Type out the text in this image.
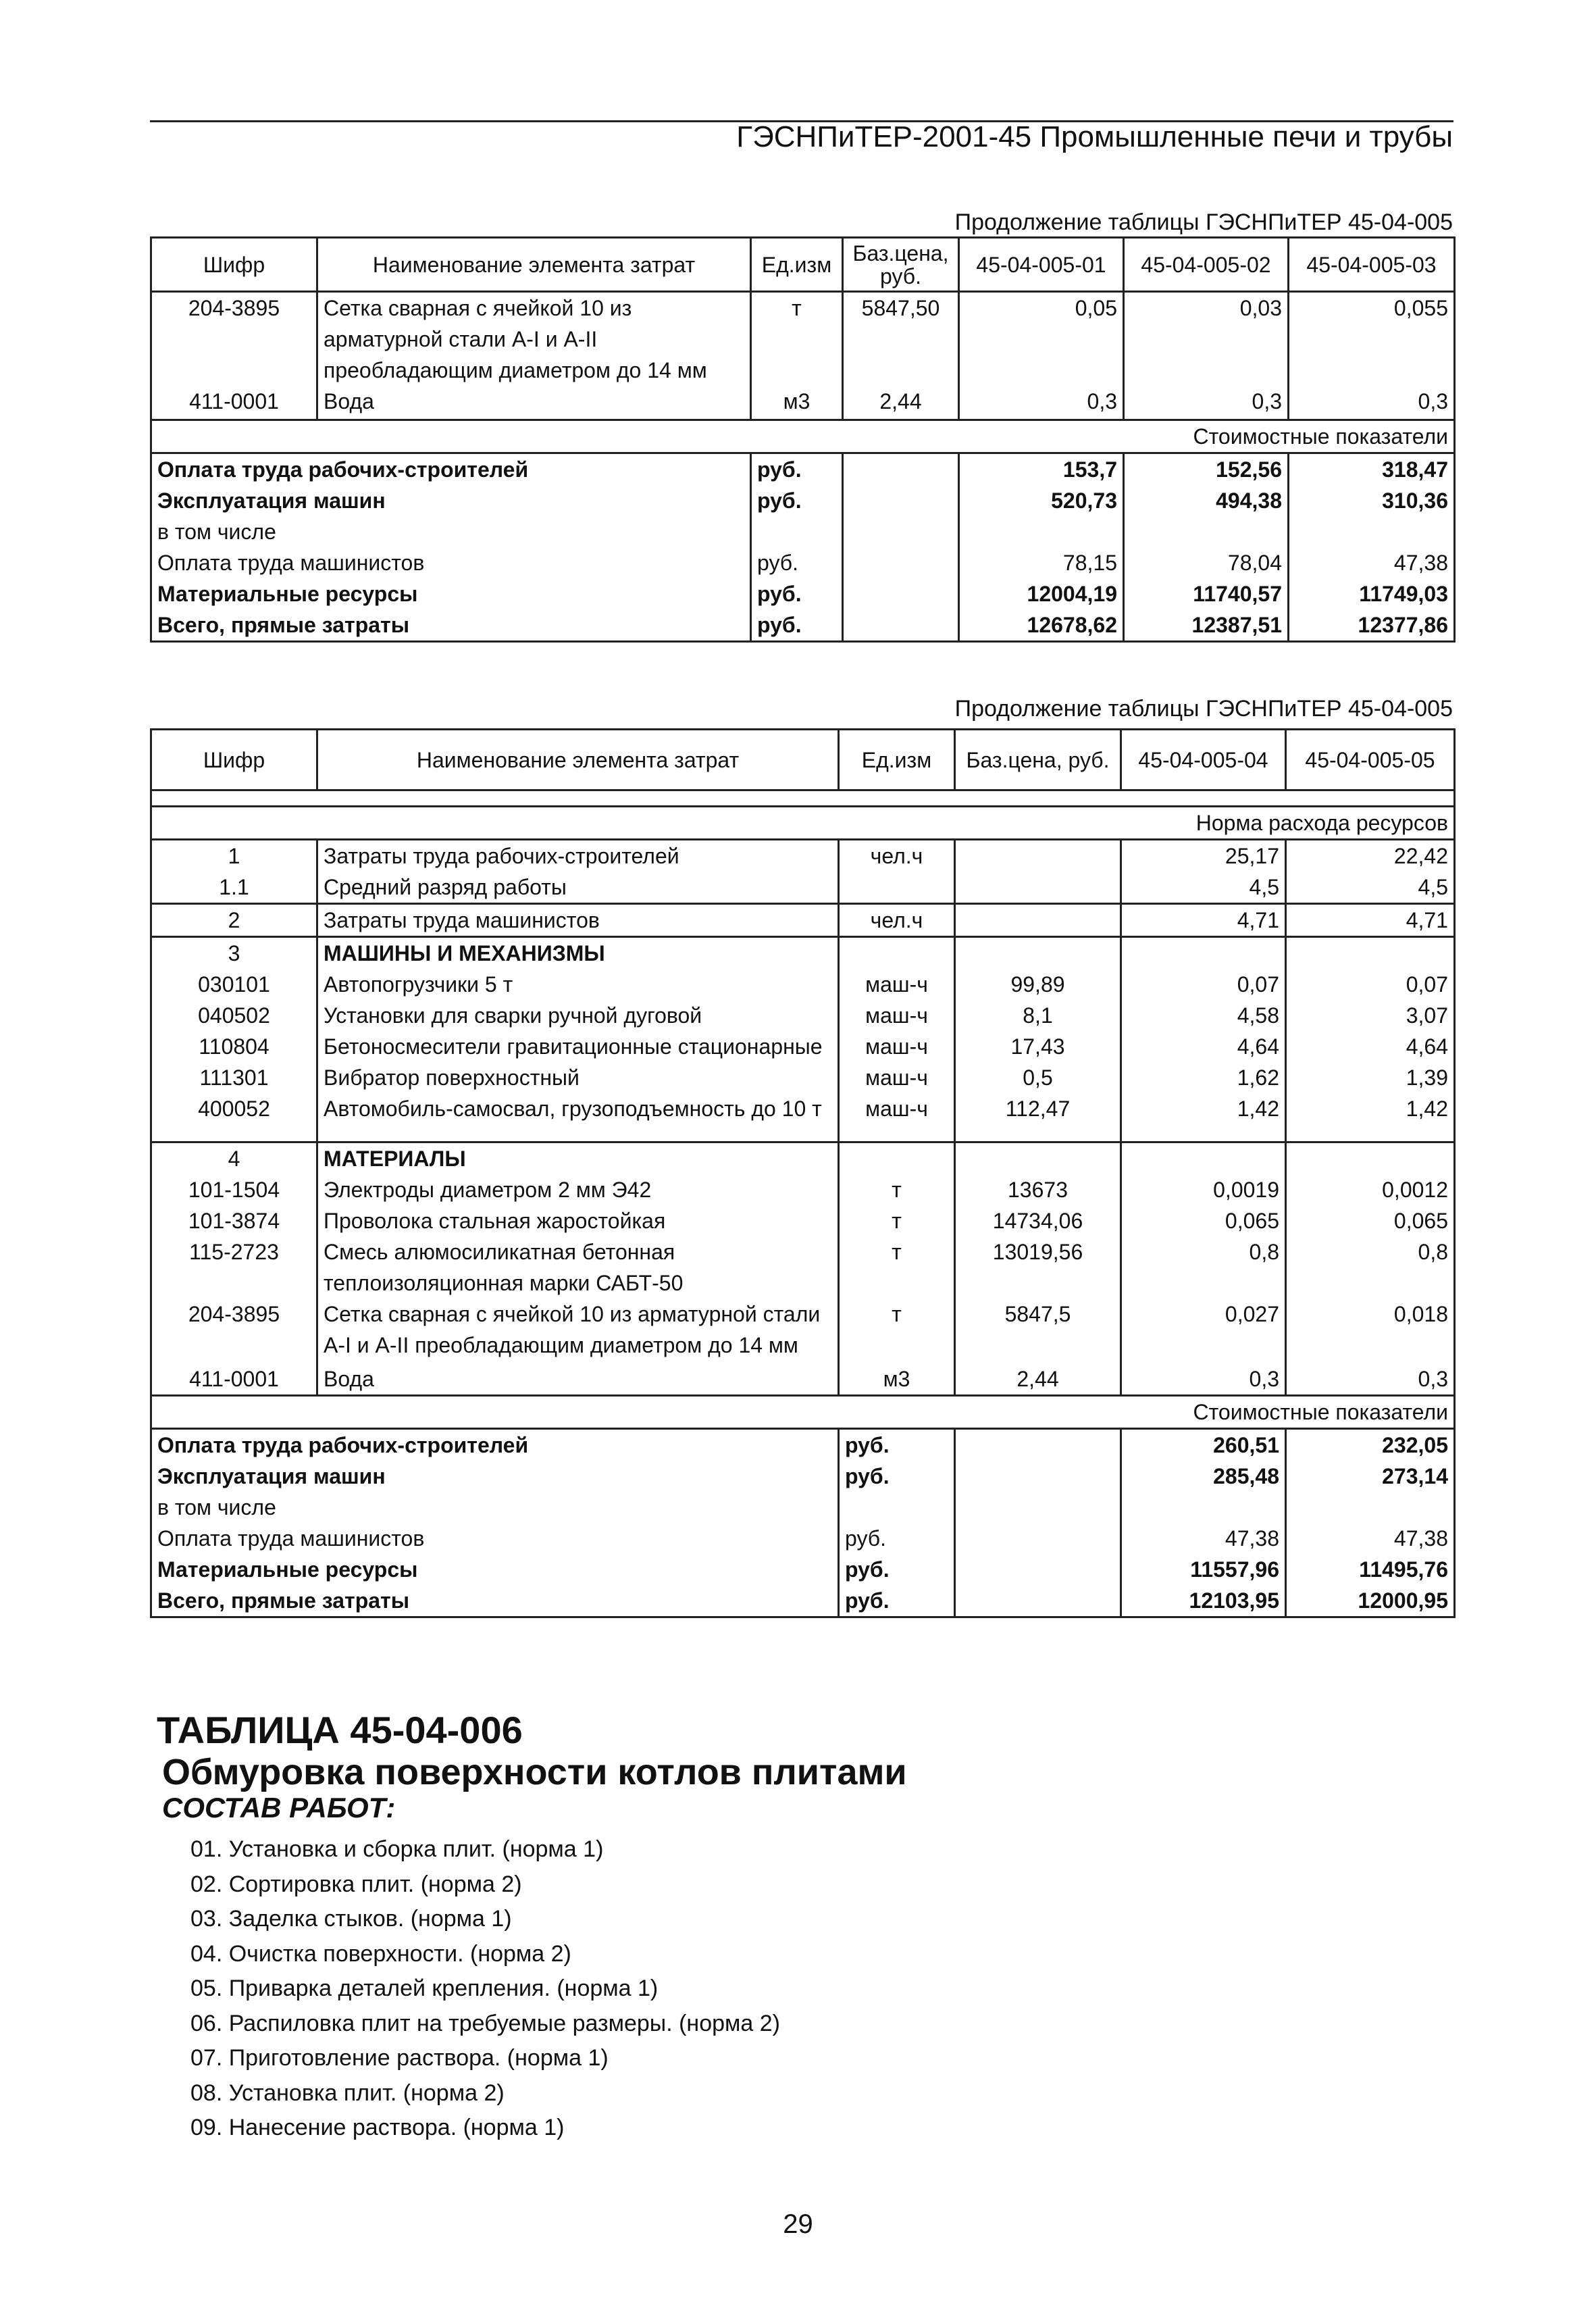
ГЭСНПиТЕР-2001-45 Промышленные печи и трубы
Продолжение таблицы ГЭСНПиТЕР 45-04-005
Шифр	Наименование элемента затрат	Ед.изм	Баз.цена, руб.	45-04-005-01	45-04-005-02	45-04-005-03
204-3895	Сетка сварная с ячейкой 10 из арматурной стали А-I и А-II преобладающим диаметром до 14 мм	т	5847,50	0,05	0,03	0,055
411-0001	Вода	м3	2,44	0,3	0,3	0,3
Стоимостные показатели						
Оплата труда рабочих-строителей		руб.		153,7	152,56	318,47
Эксплуатация машин		руб.		520,73	494,38	310,36
в том числе						
Оплата труда машинистов		руб.		78,15	78,04	47,38
Материальные ресурсы		руб.		12004,19	11740,57	11749,03
Всего, прямые затраты		руб.		12678,62	12387,51	12377,86
Продолжение таблицы ГЭСНПиТЕР 45-04-005
Шифр	Наименование элемента затрат	Ед.изм	Баз.цена, руб.	45-04-005-04	45-04-005-05

Норма расхода ресурсов					
1	Затраты труда рабочих-строителей	чел.ч		25,17	22,42
1.1	Средний разряд работы			4,5	4,5
2	Затраты труда машинистов	чел.ч		4,71	4,71
3	МАШИНЫ И МЕХАНИЗМЫ				
030101	Автопогрузчики 5 т	маш-ч	99,89	0,07	0,07
040502	Установки для сварки ручной дуговой	маш-ч	8,1	4,58	3,07
110804	Бетоносмесители гравитационные стационарные	маш-ч	17,43	4,64	4,64
111301	Вибратор поверхностный	маш-ч	0,5	1,62	1,39
400052	Автомобиль-самосвал, грузоподъемность до 10 т	маш-ч	112,47	1,42	1,42
4	МАТЕРИАЛЫ				
101-1504	Электроды диаметром 2 мм Э42	т	13673	0,0019	0,0012
101-3874	Проволока стальная жаростойкая	т	14734,06	0,065	0,065
115-2723	Смесь алюмосиликатная бетонная теплоизоляционная марки САБТ-50	т	13019,56	0,8	0,8
204-3895	Сетка сварная с ячейкой 10 из арматурной стали А-I и А-II преобладающим диаметром до 14 мм	т	5847,5	0,027	0,018
411-0001	Вода	м3	2,44	0,3	0,3
Стоимостные показатели					
Оплата труда рабочих-строителей		руб.		260,51	232,05
Эксплуатация машин		руб.		285,48	273,14
в том числе					
Оплата труда машинистов		руб.		47,38	47,38
Материальные ресурсы		руб.		11557,96	11495,76
Всего, прямые затраты		руб.		12103,95	12000,95
ТАБЛИЦА 45-04-006
Обмуровка поверхности котлов плитами
СОСТАВ РАБОТ:
01. Установка и сборка плит. (норма 1)
02. Сортировка плит. (норма 2)
03. Заделка стыков. (норма 1)
04. Очистка поверхности. (норма 2)
05. Приварка деталей крепления. (норма 1)
06. Распиловка плит на требуемые размеры. (норма 2)
07. Приготовление раствора. (норма 1)
08. Установка плит. (норма 2)
09. Нанесение раствора. (норма 1)
29
